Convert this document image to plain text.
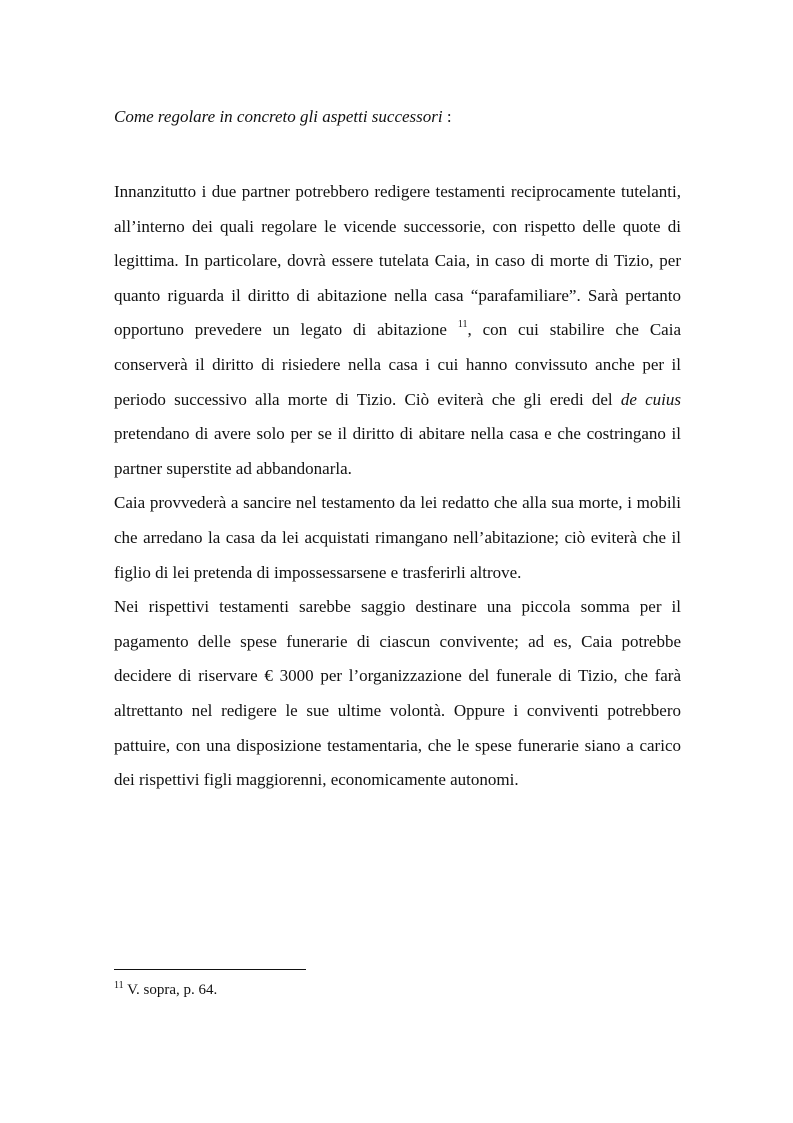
Come regolare in concreto gli aspetti successori :

Innanzitutto i due partner potrebbero redigere testamenti reciprocamente tutelanti, all’interno dei quali regolare le vicende successorie, con rispetto delle quote di legittima. In particolare, dovrà essere tutelata Caia, in caso di morte di Tizio, per quanto riguarda il diritto di abitazione nella casa “parafamiliare”. Sarà pertanto opportuno prevedere un legato di abitazione $^{11}$, con cui stabilire che Caia conserverà il diritto di risiedere nella casa i cui hanno convissuto anche per il periodo successivo alla morte di Tizio. Ciò eviterà che gli eredi del de cuius pretendano di avere solo per se il diritto di abitare nella casa e che costringano il partner superstite ad abbandonarla.

Caia provvederà a sancire nel testamento da lei redatto che alla sua morte, i mobili che arredano la casa da lei acquistati rimangano nell’abitazione; ciò eviterà che il figlio di lei pretenda di impossessarsene e trasferirli altrove.

Nei rispettivi testamenti sarebbe saggio destinare una piccola somma per il pagamento delle spese funerarie di ciascun convivente; ad es, Caia potrebbe decidere di riservare € 3000 per l’organizzazione del funerale di Tizio, che farà altrettanto nel redigere le sue ultime volontà. Oppure i conviventi potrebbero pattuire, con una disposizione testamentaria, che le spese funerarie siano a carico dei rispettivi figli maggiorenni, economicamente autonomi.

$^{11}$ V. sopra, p. 64.
